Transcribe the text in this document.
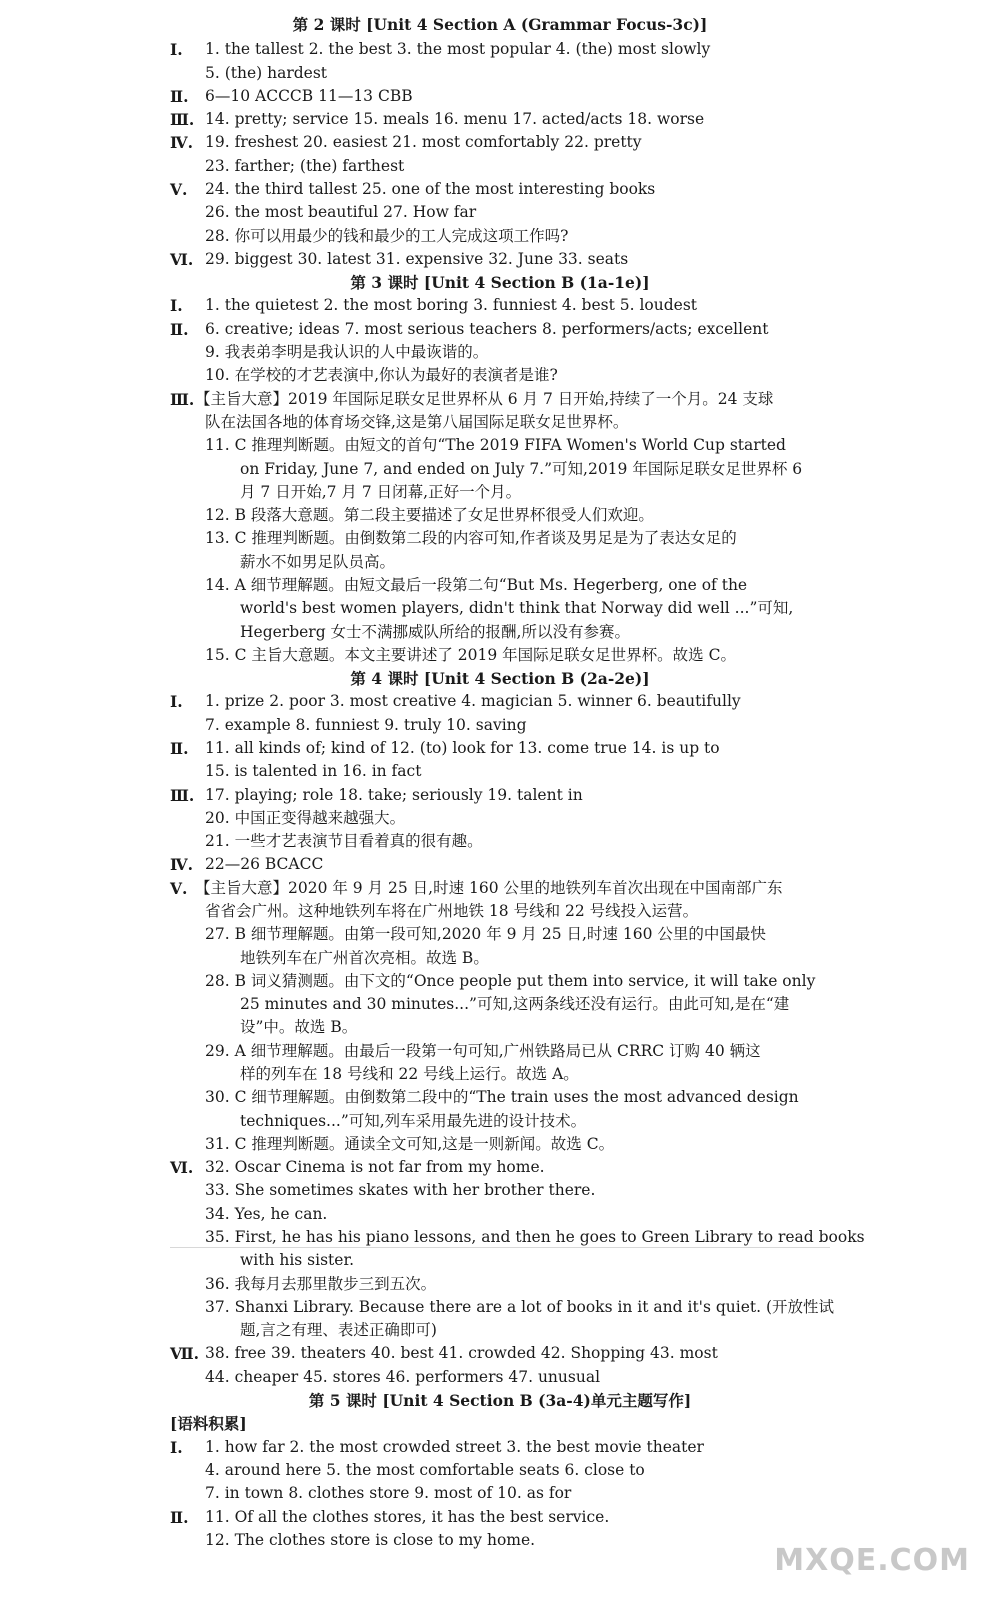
第 2 课时 [Unit 4 Section A (Grammar Focus-3c)]
Ⅰ. 1. the tallest 2. the best 3. the most popular 4. (the) most slowly
5. (the) hardest
Ⅱ. 6—10 ACCCB 11—13 CBB
Ⅲ. 14. pretty; service 15. meals 16. menu 17. acted/acts 18. worse
Ⅳ. 19. freshest 20. easiest 21. most comfortably 22. pretty
23. farther; (the) farthest
Ⅴ. 24. the third tallest 25. one of the most interesting books
26. the most beautiful 27. How far
28. 你可以用最少的钱和最少的工人完成这项工作吗?
Ⅵ. 29. biggest 30. latest 31. expensive 32. June 33. seats
第 3 课时 [Unit 4 Section B (1a-1e)]
Ⅰ. 1. the quietest 2. the most boring 3. funniest 4. best 5. loudest
Ⅱ. 6. creative; ideas 7. most serious teachers 8. performers/acts; excellent
9. 我表弟李明是我认识的人中最诙谐的。
10. 在学校的才艺表演中,你认为最好的表演者是谁?
Ⅲ. 【主旨大意】2019 年国际足联女足世界杯从 6 月 7 日开始,持续了一个月。24 支球
队在法国各地的体育场交锋,这是第八届国际足联女足世界杯。
11. C 推理判断题。由短文的首句“The 2019 FIFA Women's World Cup started
on Friday, June 7, and ended on July 7.”可知,2019 年国际足联女足世界杯 6
月 7 日开始,7 月 7 日闭幕,正好一个月。
12. B 段落大意题。第二段主要描述了女足世界杯很受人们欢迎。
13. C 推理判断题。由倒数第二段的内容可知,作者谈及男足是为了表达女足的
薪水不如男足队员高。
14. A 细节理解题。由短文最后一段第二句“But Ms. Hegerberg, one of the
world's best women players, didn't think that Norway did well ...”可知,
Hegerberg 女士不满挪威队所给的报酬,所以没有参赛。
15. C 主旨大意题。本文主要讲述了 2019 年国际足联女足世界杯。故选 C。
第 4 课时 [Unit 4 Section B (2a-2e)]
Ⅰ. 1. prize 2. poor 3. most creative 4. magician 5. winner 6. beautifully
7. example 8. funniest 9. truly 10. saving
Ⅱ. 11. all kinds of; kind of 12. (to) look for 13. come true 14. is up to
15. is talented in 16. in fact
Ⅲ. 17. playing; role 18. take; seriously 19. talent in
20. 中国正变得越来越强大。
21. 一些才艺表演节目看着真的很有趣。
Ⅳ. 22—26 BCACC
Ⅴ. 【主旨大意】2020 年 9 月 25 日,时速 160 公里的地铁列车首次出现在中国南部广东
省省会广州。这种地铁列车将在广州地铁 18 号线和 22 号线投入运营。
27. B 细节理解题。由第一段可知,2020 年 9 月 25 日,时速 160 公里的中国最快
地铁列车在广州首次亮相。故选 B。
28. B 词义猜测题。由下文的“Once people put them into service, it will take only
25 minutes and 30 minutes...”可知,这两条线还没有运行。由此可知,是在“建
设”中。故选 B。
29. A 细节理解题。由最后一段第一句可知,广州铁路局已从 CRRC 订购 40 辆这
样的列车在 18 号线和 22 号线上运行。故选 A。
30. C 细节理解题。由倒数第二段中的“The train uses the most advanced design
techniques...”可知,列车采用最先进的设计技术。
31. C 推理判断题。通读全文可知,这是一则新闻。故选 C。
Ⅵ. 32. Oscar Cinema is not far from my home.
33. She sometimes skates with her brother there.
34. Yes, he can.
35. First, he has his piano lessons, and then he goes to Green Library to read books
with his sister.
36. 我每月去那里散步三到五次。
37. Shanxi Library. Because there are a lot of books in it and it's quiet. (开放性试
题,言之有理、表述正确即可)
Ⅶ. 38. free 39. theaters 40. best 41. crowded 42. Shopping 43. most
44. cheaper 45. stores 46. performers 47. unusual
第 5 课时 [Unit 4 Section B (3a-4)单元主题写作]
[语料积累]
Ⅰ. 1. how far 2. the most crowded street 3. the best movie theater
4. around here 5. the most comfortable seats 6. close to
7. in town 8. clothes store 9. most of 10. as for
Ⅱ. 11. Of all the clothes stores, it has the best service.
12. The clothes store is close to my home.
MXQE.COM
